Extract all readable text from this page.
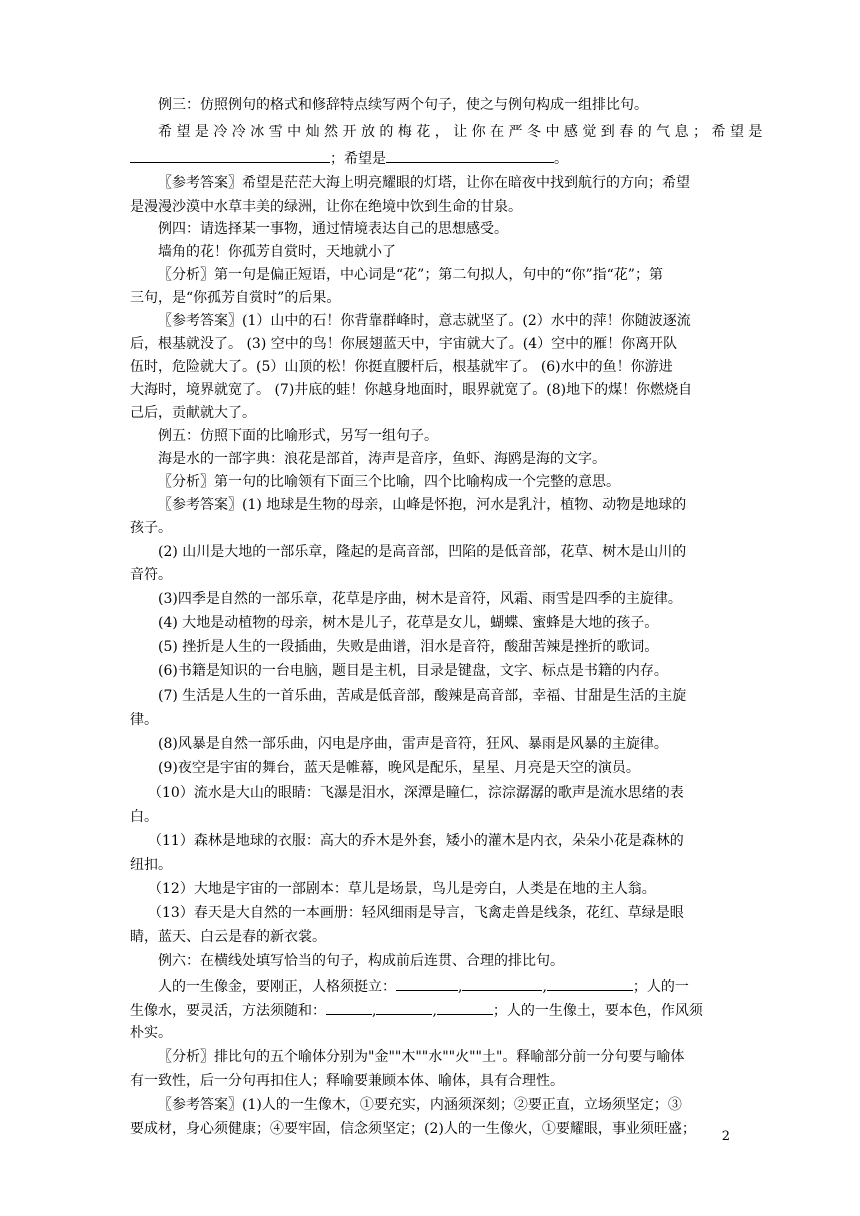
例三：仿照例句的格式和修辞特点续写两个句子，使之与例句构成一组排比句。
希 望 是 冷 冷 冰 雪 中 灿 然 开 放 的 梅 花 ， 让 你 在 严 冬 中 感 觉 到 春 的 气 息 ； 希 望 是
〖参考答案〗希望是茫茫大海上明亮耀眼的灯塔，让你在暗夜中找到航行的方向；希望
是漫漫沙漠中水草丰美的绿洲，让你在绝境中饮到生命的甘泉。
例四：请选择某一事物，通过情境表达自己的思想感受。
墙角的花！你孤芳自赏时，天地就小了
〖分析〗第一句是偏正短语，中心词是“花”；第二句拟人，句中的“你”指“花”；第
三句，是“你孤芳自赏时”的后果。
〖参考答案〗(1）山中的石！你背靠群峰时，意志就坚了。(2）水中的萍！你随波逐流
后，根基就没了。 (3) 空中的鸟！你展翅蓝天中，宇宙就大了。(4）空中的雁！你离开队
伍时，危险就大了。(5）山顶的松！你挺直腰杆后，根基就牢了。 (6)水中的鱼！你游进
大海时，境界就宽了。 (7)井底的蛙！你越身地面时，眼界就宽了。(8)地下的煤！你燃烧自
己后，贡献就大了。
例五：仿照下面的比喻形式，另写一组句子。
海是水的一部字典：浪花是部首，涛声是音序，鱼虾、海鸥是海的文字。
〖分析〗第一句的比喻领有下面三个比喻，四个比喻构成一个完整的意思。
〖参考答案〗(1) 地球是生物的母亲，山峰是怀抱，河水是乳汁，植物、动物是地球的
孩子。
(2) 山川是大地的一部乐章，隆起的是高音部，凹陷的是低音部，花草、树木是山川的
音符。
(3)四季是自然的一部乐章，花草是序曲，树木是音符，风霜、雨雪是四季的主旋律。
(4) 大地是动植物的母亲，树木是儿子，花草是女儿，蝴蝶、蜜蜂是大地的孩子。
(5) 挫折是人生的一段插曲，失败是曲谱，泪水是音符，酸甜苦辣是挫折的歌词。
(6)书籍是知识的一台电脑，题目是主机，目录是键盘，文字、标点是书籍的内存。
(7) 生活是人生的一首乐曲，苦咸是低音部，酸辣是高音部，幸福、甘甜是生活的主旋
律。
(8)风暴是自然一部乐曲，闪电是序曲，雷声是音符，狂风、暴雨是风暴的主旋律。
(9)夜空是宇宙的舞台，蓝天是帷幕，晚风是配乐，星星、月亮是天空的演员。
（10）流水是大山的眼睛：飞瀑是泪水，深潭是瞳仁，淙淙潺潺的歌声是流水思绪的表
白。
（11）森林是地球的衣服：高大的乔木是外套，矮小的灌木是内衣，朵朵小花是森林的
纽扣。
（12）大地是宇宙的一部剧本：草儿是场景，鸟儿是旁白，人类是在地的主人翁。
（13）春天是大自然的一本画册：轻风细雨是导言，飞禽走兽是线条，花红、草绿是眼
睛，蓝天、白云是春的新衣裳。
例六：在横线处填写恰当的句子，构成前后连贯、合理的排比句。
朴实。
〖分析〗排比句的五个喻体分别为"金""木""水""火""土"。释喻部分前一分句要与喻体
有一致性，后一分句再扣住人；释喻要兼顾本体、喻体，具有合理性。
〖参考答案〗(1)人的一生像木，①要充实，内涵须深刻；②要正直，立场须坚定；③
要成材，身心须健康；④要牢固，信念须坚定；(2)人的一生像火，①要耀眼，事业须旺盛；
；希望是	。
人的一生像金，要刚正，人格须挺立：	,	,	；人的一
生像水，要灵活，方法须随和：	,	,	；人的一生像土，要本色，作风须
2
